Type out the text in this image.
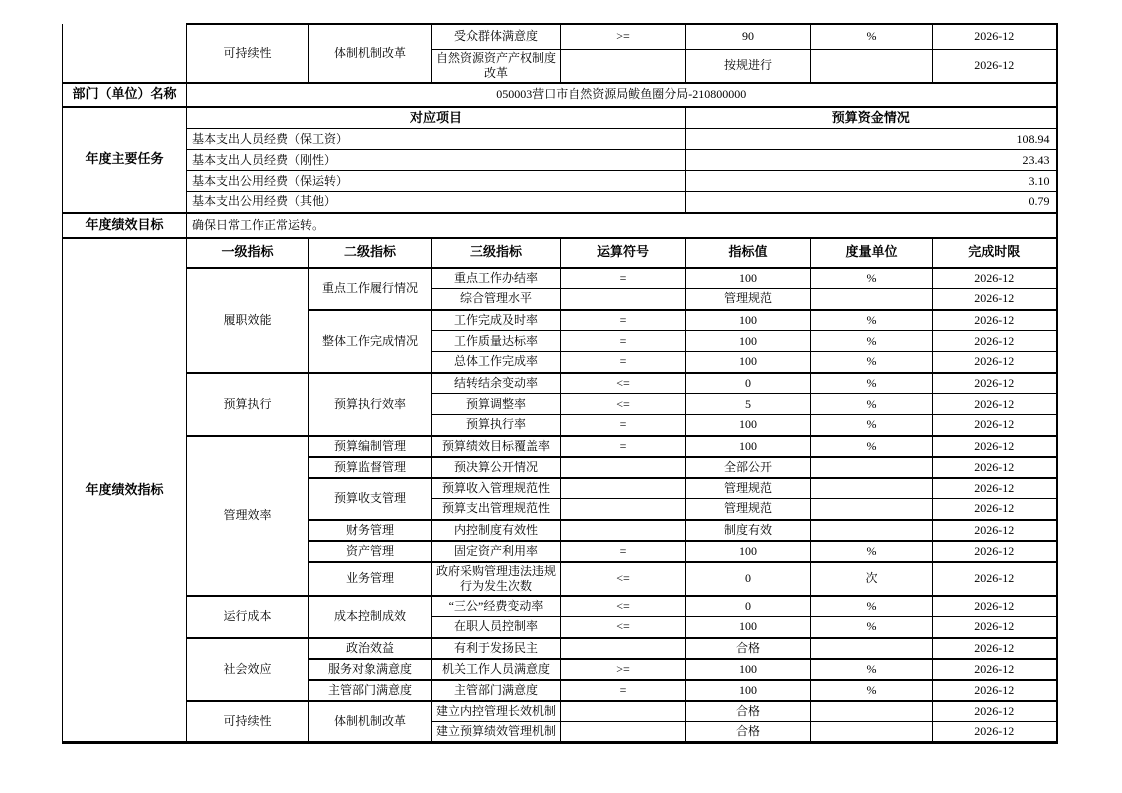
	可持续性	体制机制改革	受众群体满意度	>=	90	%	2026-12
			自然资源资产产权制度改革		按规进行		2026-12
部门（单位）名称	050003营口市自然资源局鲅鱼圈分局-210800000						
年度主要任务	对应项目				预算资金情况		
	基本支出人员经费（保工资）				108.94		
	基本支出人员经费（刚性）				23.43		
	基本支出公用经费（保运转）				3.10		
	基本支出公用经费（其他）				0.79		
年度绩效目标	确保日常工作正常运转。						
年度绩效指标	一级指标	二级指标	三级指标	运算符号	指标值	度量单位	完成时限
	履职效能	重点工作履行情况	重点工作办结率	=	100	%	2026-12
			综合管理水平		管理规范		2026-12
		整体工作完成情况	工作完成及时率	=	100	%	2026-12
			工作质量达标率	=	100	%	2026-12
			总体工作完成率	=	100	%	2026-12
	预算执行	预算执行效率	结转结余变动率	<=	0	%	2026-12
			预算调整率	<=	5	%	2026-12
			预算执行率	=	100	%	2026-12
	管理效率	预算编制管理	预算绩效目标覆盖率	=	100	%	2026-12
		预算监督管理	预决算公开情况		全部公开		2026-12
		预算收支管理	预算收入管理规范性		管理规范		2026-12
			预算支出管理规范性		管理规范		2026-12
		财务管理	内控制度有效性		制度有效		2026-12
		资产管理	固定资产利用率	=	100	%	2026-12
		业务管理	政府采购管理违法违规行为发生次数	<=	0	次	2026-12
	运行成本	成本控制成效	“三公”经费变动率	<=	0	%	2026-12
			在职人员控制率	<=	100	%	2026-12
	社会效应	政治效益	有利于发扬民主		合格		2026-12
		服务对象满意度	机关工作人员满意度	>=	100	%	2026-12
		主管部门满意度	主管部门满意度	=	100	%	2026-12
	可持续性	体制机制改革	建立内控管理长效机制		合格		2026-12
			建立预算绩效管理机制		合格		2026-12
